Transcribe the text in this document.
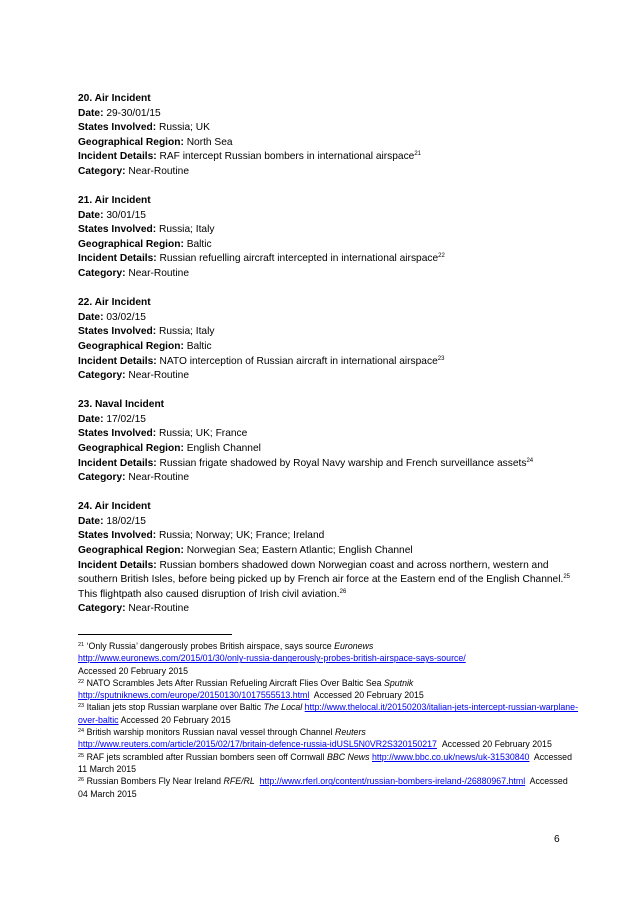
20. Air Incident
Date: 29-30/01/15
States Involved: Russia; UK
Geographical Region: North Sea
Incident Details: RAF intercept Russian bombers in international airspace$^{21}$
Category: Near-Routine
21. Air Incident
Date: 30/01/15
States Involved: Russia; Italy
Geographical Region: Baltic
Incident Details: Russian refuelling aircraft intercepted in international airspace$^{22}$
Category: Near-Routine
22. Air Incident
Date: 03/02/15
States Involved: Russia; Italy
Geographical Region: Baltic
Incident Details: NATO interception of Russian aircraft in international airspace$^{23}$
Category: Near-Routine
23. Naval Incident
Date: 17/02/15
States Involved: Russia; UK; France
Geographical Region: English Channel
Incident Details: Russian frigate shadowed by Royal Navy warship and French surveillance assets$^{24}$
Category: Near-Routine
24. Air Incident
Date: 18/02/15
States Involved: Russia; Norway; UK; France; Ireland
Geographical Region: Norwegian Sea; Eastern Atlantic; English Channel
Incident Details: Russian bombers shadowed down Norwegian coast and across northern, western and southern British Isles, before being picked up by French air force at the Eastern end of the English Channel.$^{25}$ This flightpath also caused disruption of Irish civil aviation.$^{26}$
Category: Near-Routine
$^{21}$ ‘Only Russia’ dangerously probes British airspace, says source Euronews
http://www.euronews.com/2015/01/30/only-russia-dangerously-probes-british-airspace-says-source/
Accessed 20 February 2015
$^{22}$ NATO Scrambles Jets After Russian Refueling Aircraft Flies Over Baltic Sea Sputnik
http://sputniknews.com/europe/20150130/1017555513.html Accessed 20 February 2015
$^{23}$ Italian jets stop Russian warplane over Baltic The Local http://www.thelocal.it/20150203/italian-jets-intercept-russian-warplane-over-baltic Accessed 20 February 2015
$^{24}$ British warship monitors Russian naval vessel through Channel Reuters
http://www.reuters.com/article/2015/02/17/britain-defence-russia-idUSL5N0VR2S320150217 Accessed 20 February 2015
$^{25}$ RAF jets scrambled after Russian bombers seen off Cornwall BBC News http://www.bbc.co.uk/news/uk-31530840 Accessed 11 March 2015
$^{26}$ Russian Bombers Fly Near Ireland RFE/RL http://www.rferl.org/content/russian-bombers-ireland-/26880967.html Accessed 04 March 2015
6
